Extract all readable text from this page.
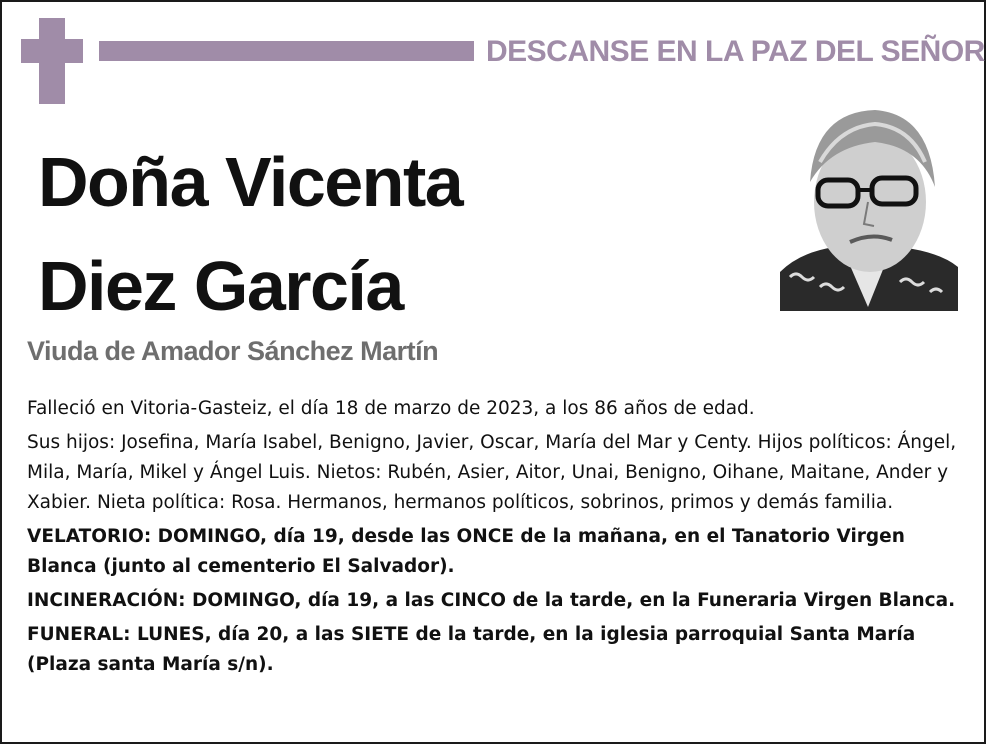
DESCANSE EN LA PAZ DEL SEÑOR
Doña Vicenta
Diez García
Viuda de Amador Sánchez Martín

Falleció en Vitoria-Gasteiz, el día 18 de marzo de 2023, a los 86 años de edad.

Sus hijos: Josefina, María Isabel, Benigno, Javier, Oscar, María del Mar y Centy. Hijos políticos: Ángel, Mila, María, Mikel y Ángel Luis. Nietos: Rubén, Asier, Aitor, Unai, Benigno, Oihane, Maitane, Ander y Xabier. Nieta política: Rosa. Hermanos, hermanos políticos, sobrinos, primos y demás familia.

VELATORIO: DOMINGO, día 19, desde las ONCE de la mañana, en el Tanatorio Virgen Blanca (junto al cementerio El Salvador).

INCINERACIÓN: DOMINGO, día 19, a las CINCO de la tarde, en la Funeraria Virgen Blanca.

FUNERAL: LUNES, día 20, a las SIETE de la tarde, en la iglesia parroquial Santa María (Plaza santa María s/n).
